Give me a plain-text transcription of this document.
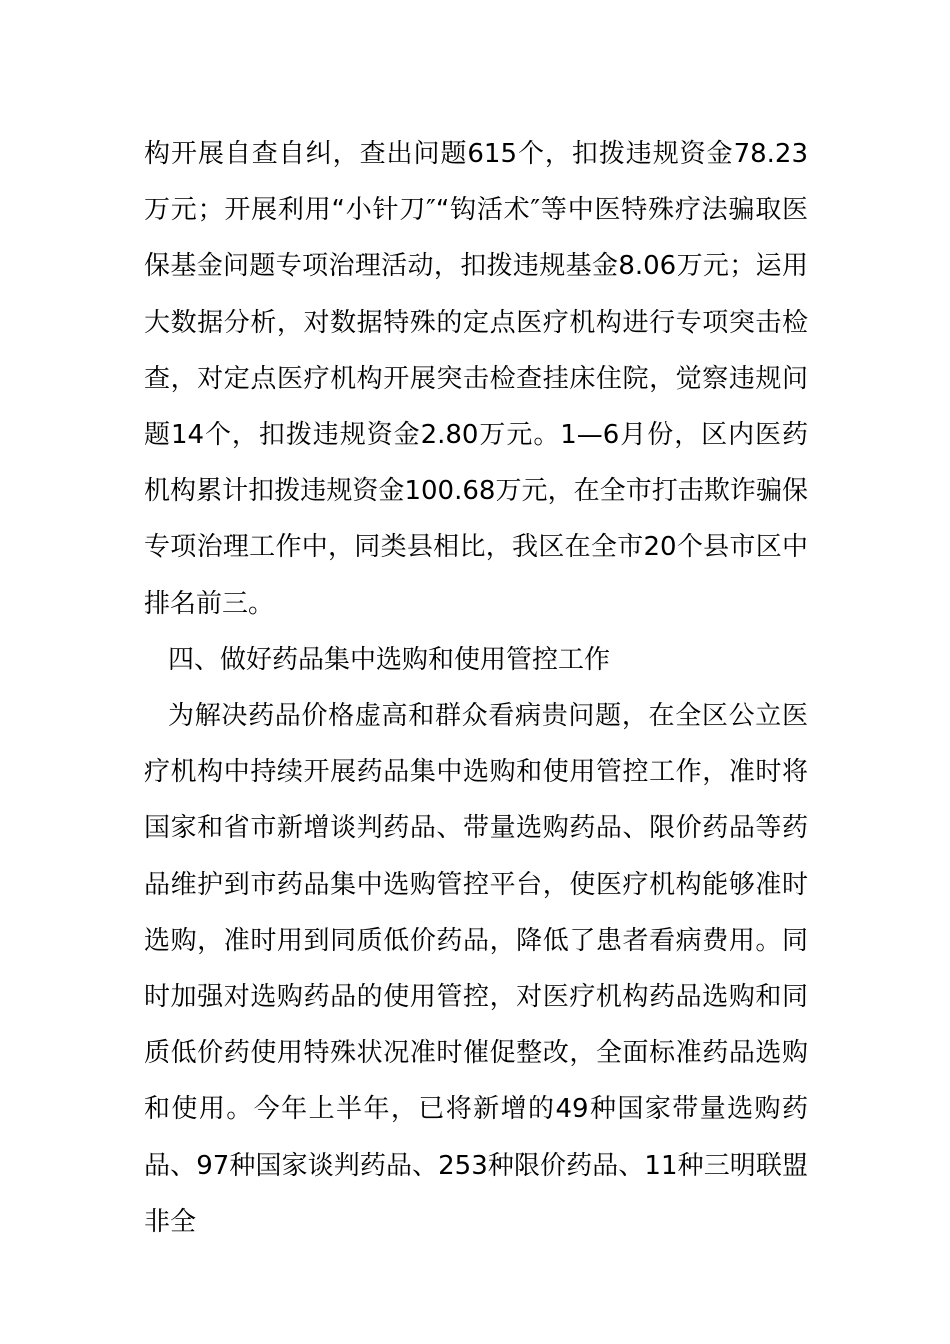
构开展自查自纠，查出问题615个，扣拨违规资金78.23万元；开展利用“小针刀″“钩活术″等中医特殊疗法骗取医保基金问题专项治理活动，扣拨违规基金8.06万元；运用大数据分析，对数据特殊的定点医疗机构进行专项突击检查，对定点医疗机构开展突击检查挂床住院，觉察违规问题14个，扣拨违规资金2.80万元。1—6月份，区内医药机构累计扣拨违规资金100.68万元，在全市打击欺诈骗保专项治理工作中，同类县相比，我区在全市20个县市区中排名前三。

四、做好药品集中选购和使用管控工作

为解决药品价格虚高和群众看病贵问题，在全区公立医疗机构中持续开展药品集中选购和使用管控工作，准时将国家和省市新增谈判药品、带量选购药品、限价药品等药品维护到市药品集中选购管控平台，使医疗机构能够准时选购，准时用到同质低价药品，降低了患者看病费用。同时加强对选购药品的使用管控，对医疗机构药品选购和同质低价药使用特殊状况准时催促整改，全面标准药品选购和使用。今年上半年，已将新增的49种国家带量选购药品、97种国家谈判药品、253种限价药品、11种三明联盟非全
